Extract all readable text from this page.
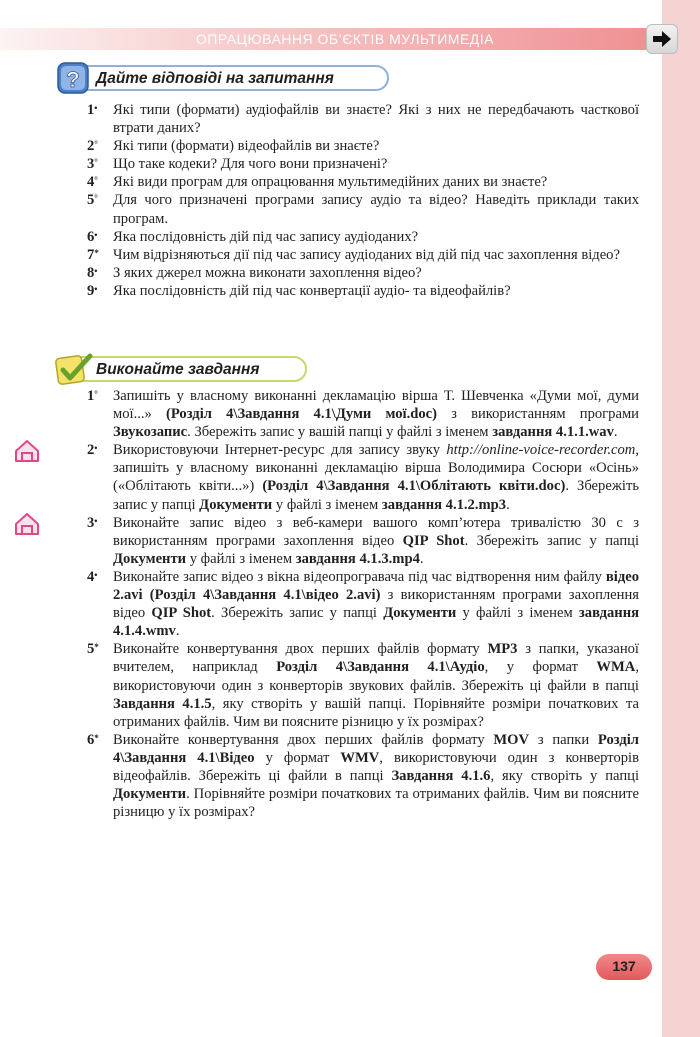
ОПРАЦЮВАННЯ ОБ’ЄКТІВ МУЛЬТИМЕДІА
? Дайте відповіді на запитання
1• Які типи (формати) аудіофайлів ви знаєте? Які з них не передбачають часткової втрати даних?
2° Які типи (формати) відеофайлів ви знаєте?
3° Що таке кодеки? Для чого вони призначені?
4° Які види програм для опрацювання мультимедійних даних ви знаєте?
5° Для чого призначені програми запису аудіо та відео? Наведіть приклади таких програм.
6• Яка послідовність дій під час запису аудіоданих?
7* Чим відрізняються дії під час запису аудіоданих від дій під час захоплення відео?
8• З яких джерел можна виконати захоплення відео?
9• Яка послідовність дій під час конвертації аудіо- та відеофайлів?
Виконайте завдання
1° Запишіть у власному виконанні декламацію вірша Т. Шевченка «Думи мої, думи мої...» (Розділ 4\Завдання 4.1\Думи мої.doc) з використанням програми Звукозапис. Збережіть запис у вашій папці у файлі з іменем завдання 4.1.1.wav.
2• Використовуючи Інтернет-ресурс для запису звуку http://online-voice-recorder.com, запишіть у власному виконанні декламацію вірша Володимира Сосюри «Осінь» («Облітають квіти...») (Розділ 4\Завдання 4.1\Облітають квіти.doc). Збережіть запис у папці Документи у файлі з іменем завдання 4.1.2.mp3.
3• Виконайте запис відео з веб-камери вашого комп’ютера тривалістю 30 с з використанням програми захоплення відео QIP Shot. Збережіть запис у папці Документи у файлі з іменем завдання 4.1.3.mp4.
4• Виконайте запис відео з вікна відеопрогравача під час відтворення ним файлу відео 2.avi (Розділ 4\Завдання 4.1\відео 2.avi) з використанням програми захоплення відео QIP Shot. Збережіть запис у папці Документи у файлі з іменем завдання 4.1.4.wmv.
5* Виконайте конвертування двох перших файлів формату MP3 з папки, указаної вчителем, наприклад Розділ 4\Завдання 4.1\Аудіо, у формат WMA, використовуючи один з конверторів звукових файлів. Збережіть ці файли в папці Завдання 4.1.5, яку створіть у вашій папці. Порівняйте розміри початкових та отриманих файлів. Чим ви поясните різницю у їх розмірах?
6* Виконайте конвертування двох перших файлів формату MOV з папки Розділ 4\Завдання 4.1\Відео у формат WMV, використовуючи один з конверторів відеофайлів. Збережіть ці файли в папці Завдання 4.1.6, яку створіть у папці Документи. Порівняйте розміри початкових та отриманих файлів. Чим ви поясните різницю у їх розмірах?
137
